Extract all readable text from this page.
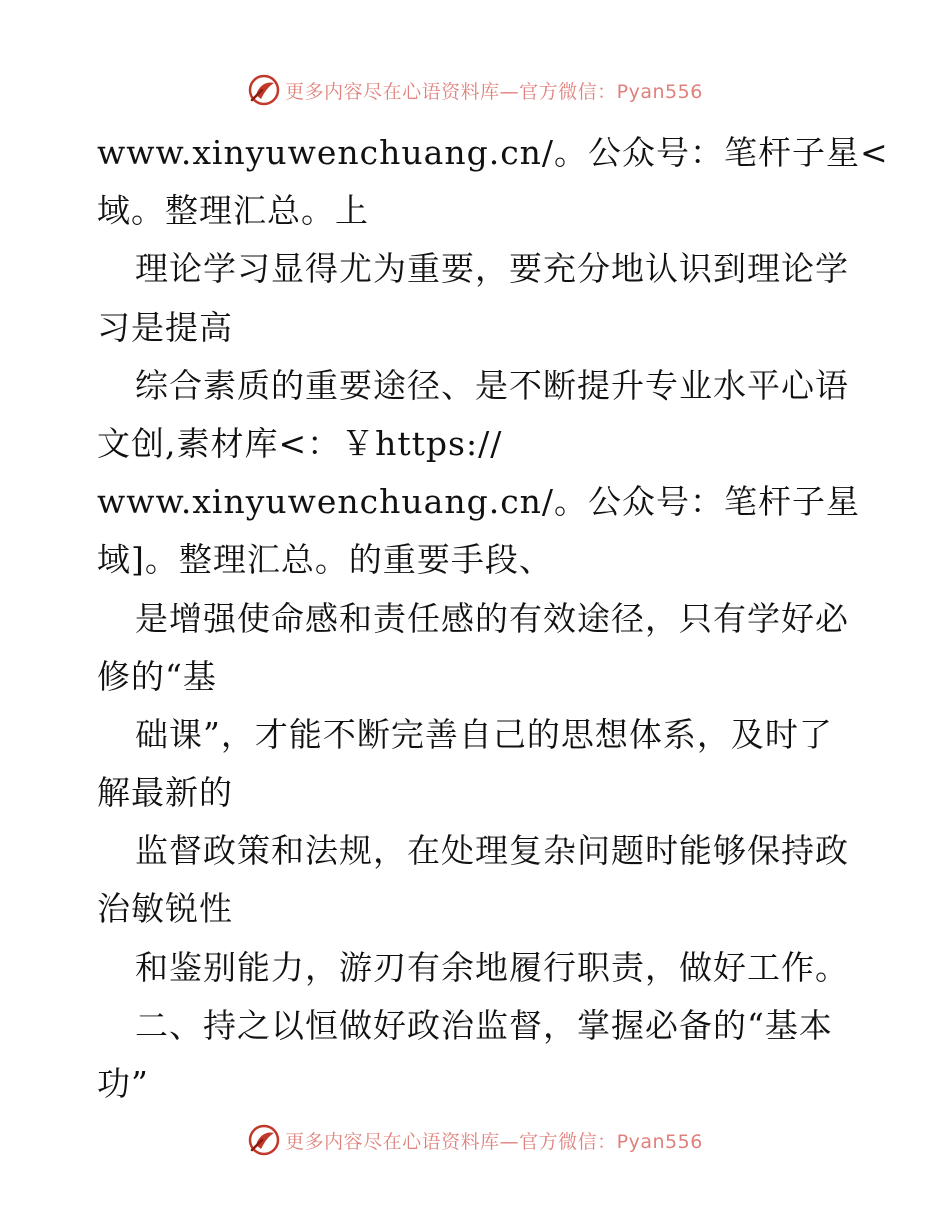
更多内容尽在心语资料库—官方微信：Pyan556
www.xinyuwenchuang.cn/。公众号：笔杆子星<
域。整理汇总。上
理论学习显得尤为重要，要充分地认识到理论学
习是提高
综合素质的重要途径、是不断提升专业水平心语
文创,素材库<：￥https://
www.xinyuwenchuang.cn/。公众号：笔杆子星
域]。整理汇总。的重要手段、
是增强使命感和责任感的有效途径，只有学好必
修的“基
础课”，才能不断完善自己的思想体系，及时了
解最新的
监督政策和法规，在处理复杂问题时能够保持政
治敏锐性
和鉴别能力，游刃有余地履行职责，做好工作。
二、持之以恒做好政治监督，掌握必备的“基本
功”
更多内容尽在心语资料库—官方微信：Pyan556
